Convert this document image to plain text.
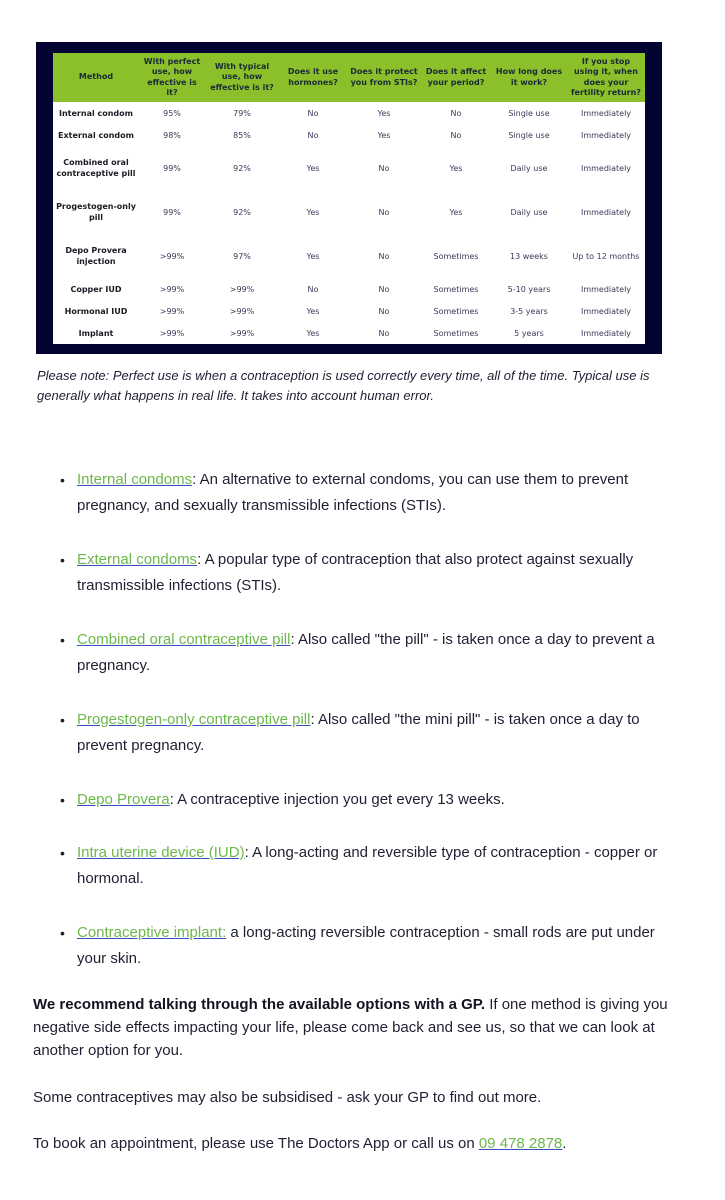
Method	With perfect use, how effective is it?	With typical use, how effective is it?	Does it use hormones?	Does it protect you from STIs?	Does it affect your period?	How long does it work?	If you stop using it, when does your fertility return?
Internal condom	95%	79%	No	Yes	No	Single use	Immediately
External condom	98%	85%	No	Yes	No	Single use	Immediately
Combined oral contraceptive pill	99%	92%	Yes	No	Yes	Daily use	Immediately
Progestogen-only pill	99%	92%	Yes	No	Yes	Daily use	Immediately
Depo Provera injection	>99%	97%	Yes	No	Sometimes	13 weeks	Up to 12 months
Copper IUD	>99%	>99%	No	No	Sometimes	5-10 years	Immediately
Hormonal IUD	>99%	>99%	Yes	No	Sometimes	3-5 years	Immediately
Implant	>99%	>99%	Yes	No	Sometimes	5 years	Immediately

Please note: Perfect use is when a contraception is used correctly every time, all of the time. Typical use is generally what happens in real life. It takes into account human error.

• Internal condoms: An alternative to external condoms, you can use them to prevent pregnancy, and sexually transmissible infections (STIs).
• External condoms: A popular type of contraception that also protect against sexually transmissible infections (STIs).
• Combined oral contraceptive pill: Also called "the pill" - is taken once a day to prevent a pregnancy.
• Progestogen-only contraceptive pill: Also called "the mini pill" - is taken once a day to prevent pregnancy.
• Depo Provera: A contraceptive injection you get every 13 weeks.
• Intra uterine device (IUD): A long-acting and reversible type of contraception - copper or hormonal.
• Contraceptive implant: a long-acting reversible contraception - small rods are put under your skin.

We recommend talking through the available options with a GP. If one method is giving you negative side effects impacting your life, please come back and see us, so that we can look at another option for you.

Some contraceptives may also be subsidised - ask your GP to find out more.

To book an appointment, please use The Doctors App or call us on 09 478 2878.
